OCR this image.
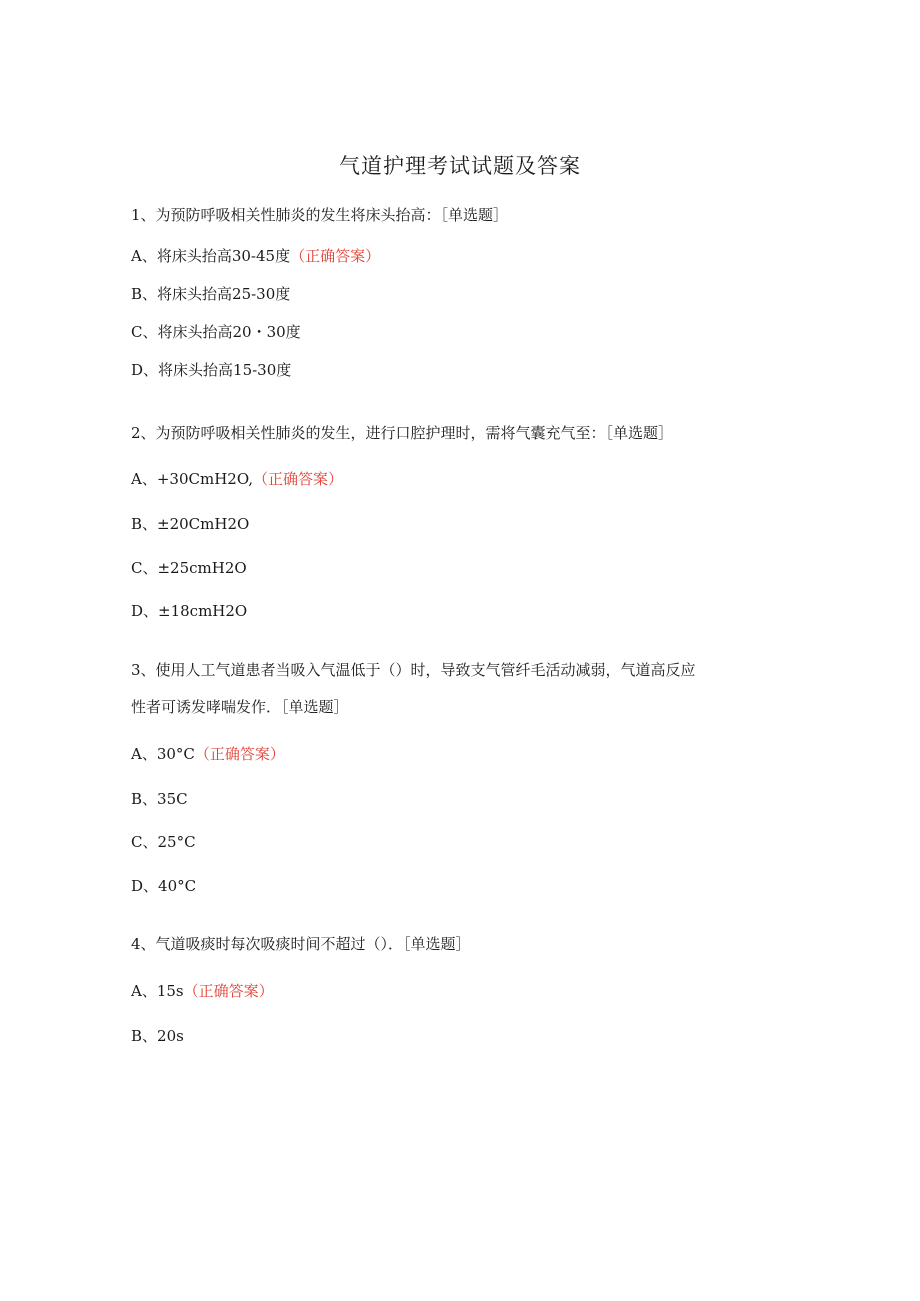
气道护理考试试题及答案
1、为预防呼吸相关性肺炎的发生将床头抬高：［单选题］
A、将床头抬高30-45度（正确答案）
B、将床头抬高25-30度
C、将床头抬高20・30度
D、将床头抬高15-30度
2、为预防呼吸相关性肺炎的发生，进行口腔护理时，需将气囊充气至：［单选题］
A、+30CmH2O,（正确答案）
B、±20CmH2O
C、±25cmH2O
D、±18cmH2O
3、使用人工气道患者当吸入气温低于（）时，导致支气管纤毛活动减弱，气道高反应
性者可诱发哮喘发作．［单选题］
A、30°C（正确答案）
B、35C
C、25°C
D、40°C
4、气道吸痰时每次吸痰时间不超过（）．［单选题］
A、15s（正确答案）
B、20s
